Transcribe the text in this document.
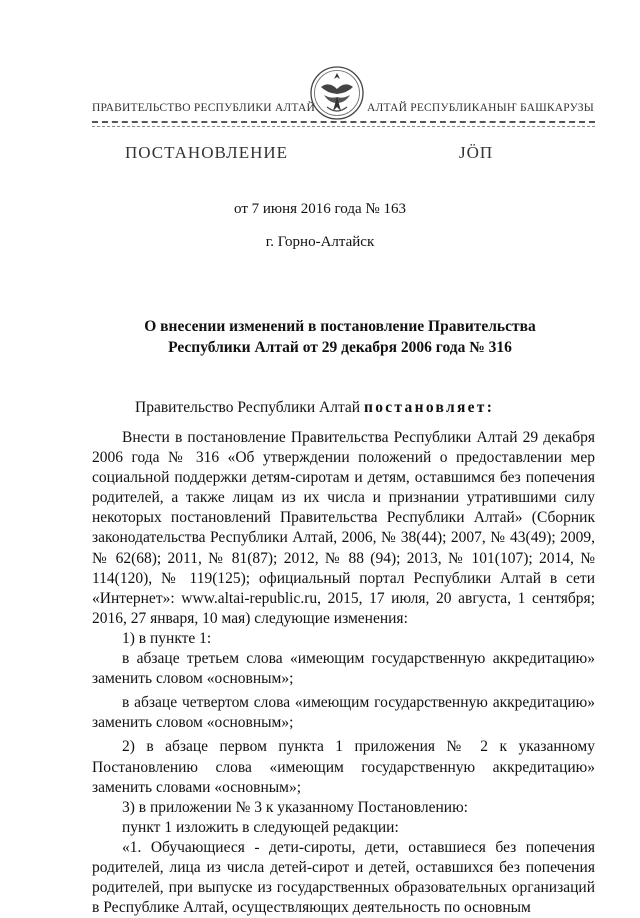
ПРАВИТЕЛЬСТВО РЕСПУБЛИКИ АЛТАЙ	АЛТАЙ РЕСПУБЛИКАНЫҤ БАШКАРУЗЫ
ПОСТАНОВЛЕНИЕ	JÖП
от 7 июня 2016 года № 163
г. Горно-Алтайск
О внесении изменений в постановление Правительства
Республики Алтай от 29 декабря 2006 года № 316
Правительство Республики Алтай постановляет:

Внести в постановление Правительства Республики Алтай 29 декабря 2006 года № 316 «Об утверждении положений о предоставлении мер социальной поддержки детям-сиротам и детям, оставшимся без попечения родителей, а также лицам из их числа и признании утратившими силу некоторых постановлений Правительства Республики Алтай» (Сборник законодательства Республики Алтай, 2006, № 38(44); 2007, № 43(49); 2009, № 62(68); 2011, № 81(87); 2012, № 88 (94); 2013, № 101(107); 2014, № 114(120), № 119(125); официальный портал Республики Алтай в сети «Интернет»: www.altai-republic.ru, 2015, 17 июля, 20 августа, 1 сентября; 2016, 27 января, 10 мая) следующие изменения:

1) в пункте 1:

в абзаце третьем слова «имеющим государственную аккредитацию» заменить словом «основным»;

в абзаце четвертом слова «имеющим государственную аккредитацию» заменить словом «основным»;

2) в абзаце первом пункта 1 приложения № 2 к указанному Постановлению слова «имеющим государственную аккредитацию» заменить словами «основным»;

3) в приложении № 3 к указанному Постановлению:

пункт 1 изложить в следующей редакции:

«1. Обучающиеся - дети-сироты, дети, оставшиеся без попечения родителей, лица из числа детей-сирот и детей, оставшихся без попечения родителей, при выпуске из государственных образовательных организаций в Республике Алтай, осуществляющих деятельность по основным
